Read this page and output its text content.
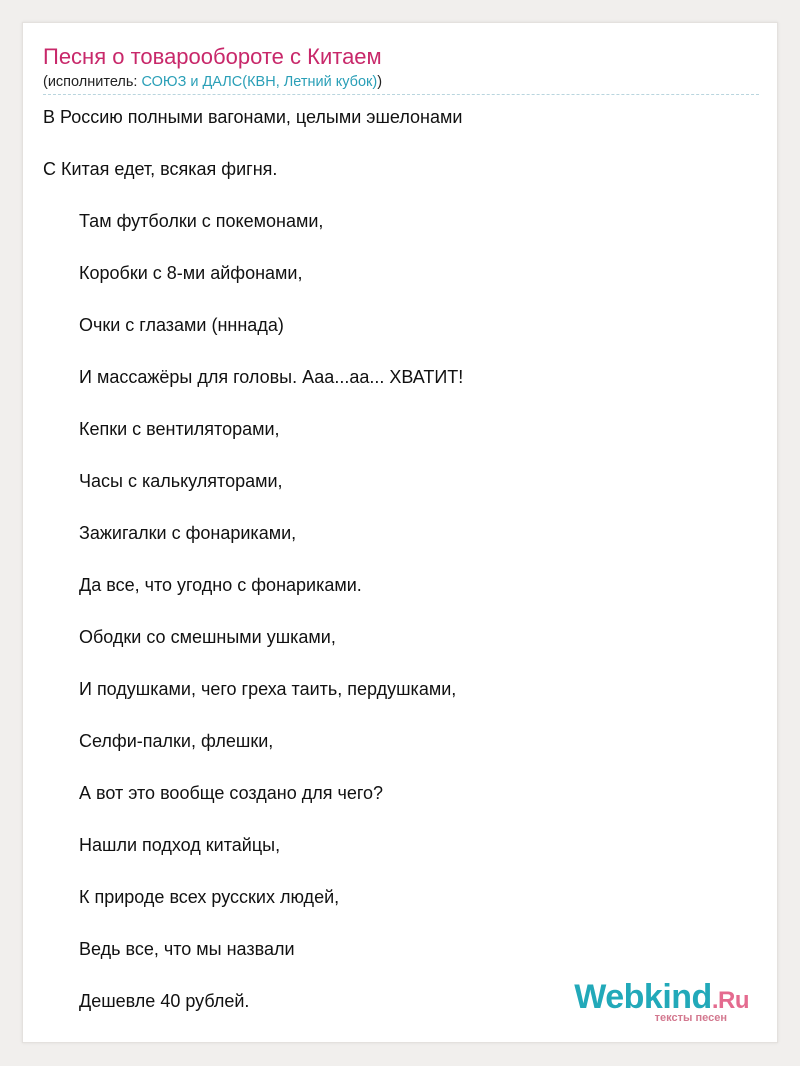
Песня о товарообороте с Китаем
(исполнитель: СОЮЗ и ДАЛС(КВН, Летний кубок))
В Россию полными вагонами, целыми эшелонами
С Китая едет, всякая фигня.
Там футболки с покемонами,
Коробки с 8-ми айфонами,
Очки с глазами (нннада)
И массажёры для головы. Ааа...аа... ХВАТИТ!
Кепки с вентиляторами,
Часы с калькуляторами,
Зажигалки с фонариками,
Да все, что угодно с фонариками.
Ободки со смешными ушками,
И подушками, чего греха таить, пердушками,
Селфи-палки, флешки,
А вот это вообще создано для чего?
Нашли подход китайцы,
К природе всех русских людей,
Ведь все, что мы назвали
Дешевле 40 рублей.	Webkind.Ru
тексты песен
